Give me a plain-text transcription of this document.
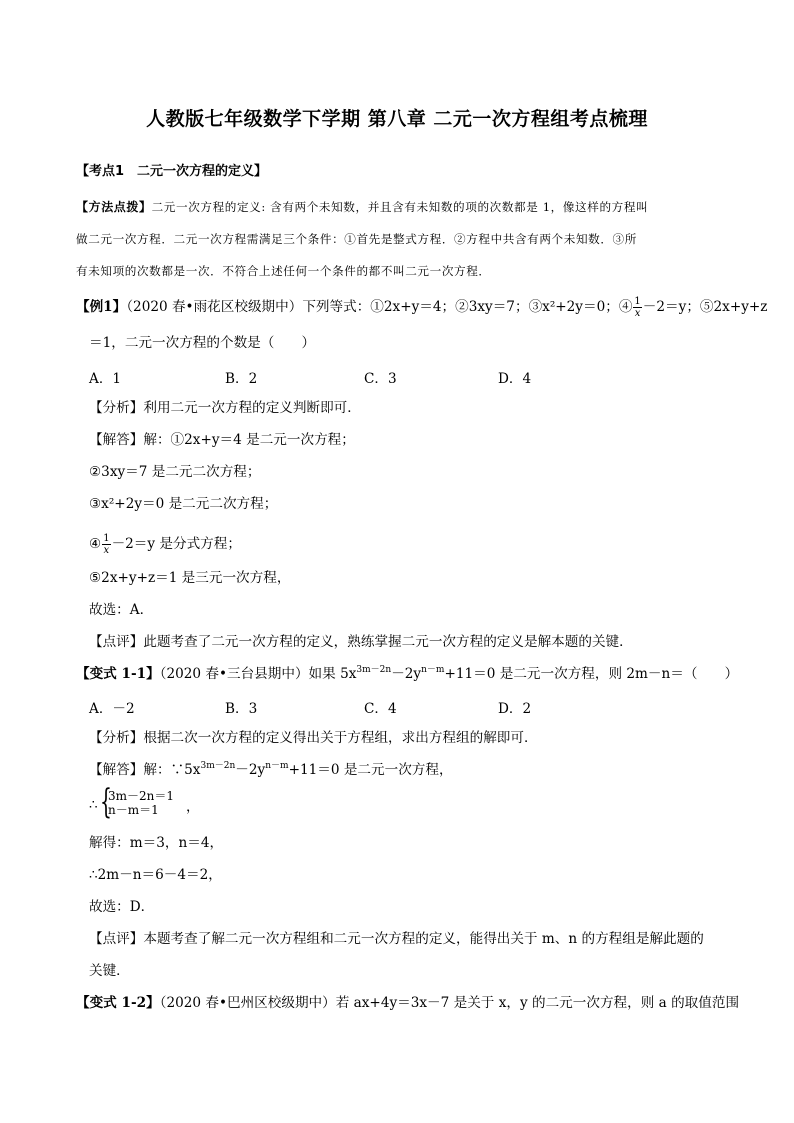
人教版七年级数学下学期 第八章 二元一次方程组考点梳理
【考点1　二元一次方程的定义】
【方法点拨】二元一次方程的定义: 含有两个未知数，并且含有未知数的项的次数都是 1，像这样的方程叫
做二元一次方程．二元一次方程需满足三个条件：①首先是整式方程．②方程中共含有两个未知数．③所
有未知项的次数都是一次．不符合上述任何一个条件的都不叫二元一次方程．
【例1】（2020 春•雨花区校级期中）下列等式：①2x+y＝4；②3xy＝7；③x²+2y＝0；④ $\frac{1}{x} -2=y$；⑤2x+y+z
＝1，二元一次方程的个数是（　　）
A．1	B．2	C．3	D．4
【分析】利用二元一次方程的定义判断即可．
【解答】解：①2x+y＝4 是二元一次方程；
②3xy＝7 是二元二次方程；
③x²+2y＝0 是二元二次方程；
④ $\frac{1}{x} -2=y$ 是分式方程；
⑤2x+y+z＝1 是三元一次方程，
故选：A．
【点评】此题考查了二元一次方程的定义，熟练掌握二元一次方程的定义是解本题的关键．
【变式 1-1】（2020 春•三台县期中）如果 $5x^{3m-2n}-2y^{n-m}+11=0$ 是二元一次方程，则 2m－n＝（　　）
A．－2	B．3	C．4	D．2
【分析】根据二次一次方程的定义得出关于方程组，求出方程组的解即可．
【解答】解：$\because 5x^{3m-2n}-2y^{n-m}+11=0$ 是二元一次方程，
∴ {
3m－2n＝1
n－m＝1	，
解得：m＝3，n＝4，
∴2m－n＝6－4＝2，
故选：D．
【点评】本题考查了解二元一次方程组和二元一次方程的定义，能得出关于 m、n 的方程组是解此题的
关键．
【变式 1-2】（2020 春•巴州区校级期中）若 ax+4y＝3x－7 是关于 x，y 的二元一次方程，则 a 的取值范围
